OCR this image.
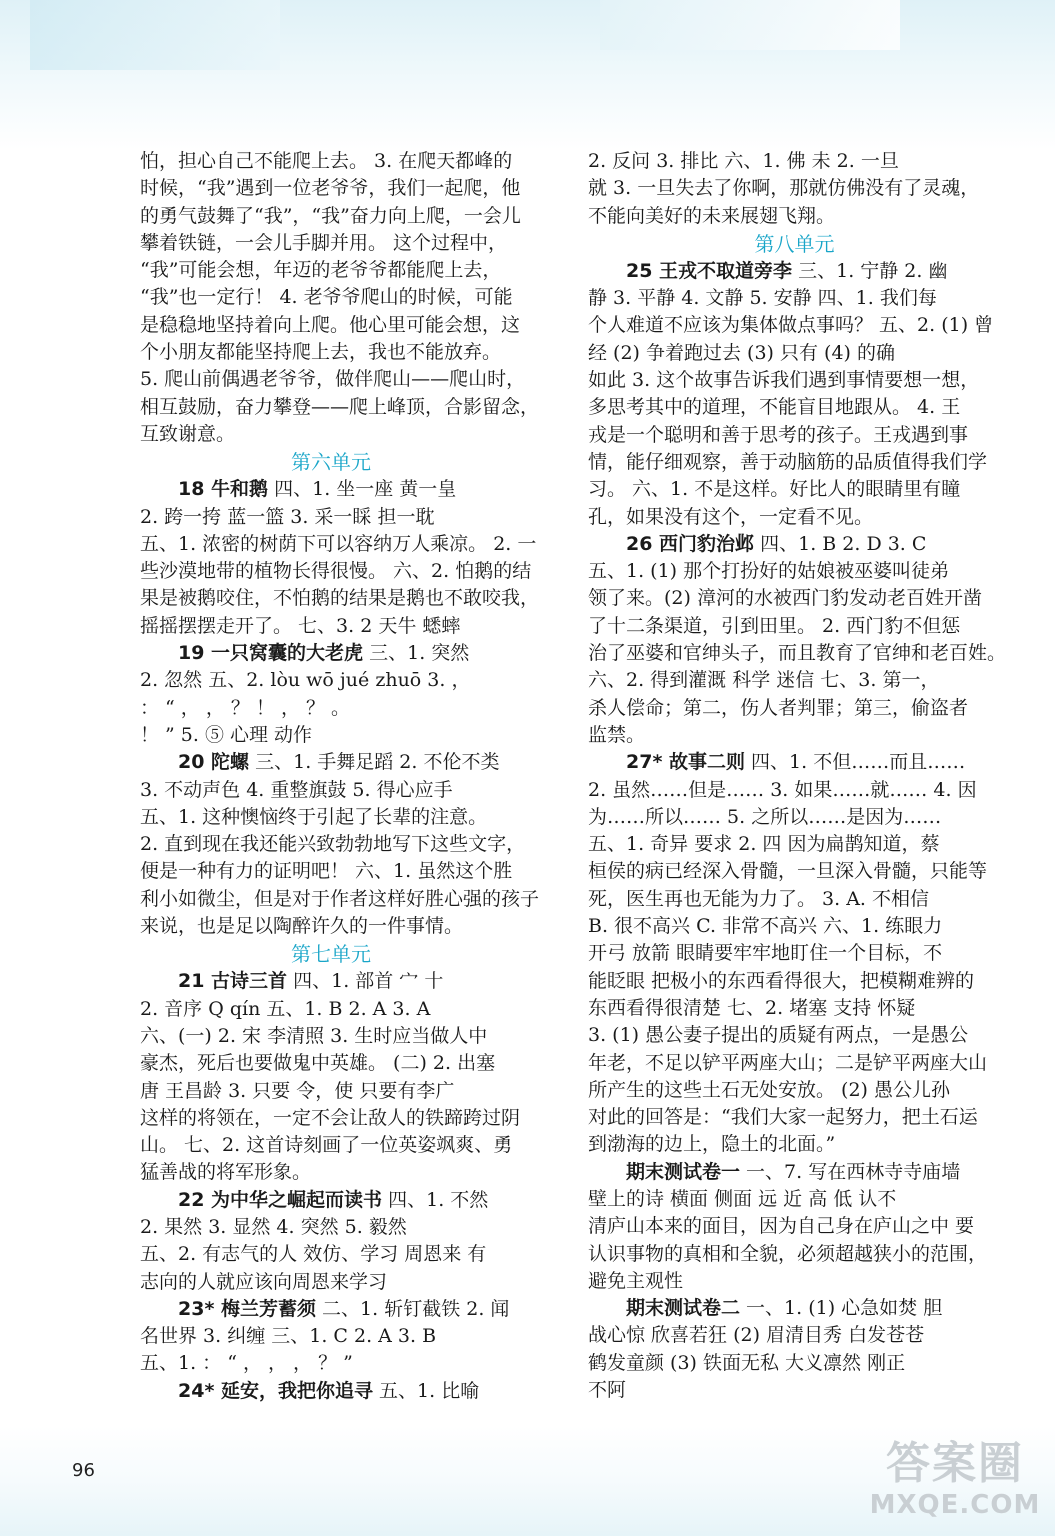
怕，担心自己不能爬上去。 3. 在爬天都峰的
时候，“我”遇到一位老爷爷，我们一起爬，他
的勇气鼓舞了“我”，“我”奋力向上爬，一会儿
攀着铁链，一会儿手脚并用。 这个过程中，
“我”可能会想，年迈的老爷爷都能爬上去，
“我”也一定行！ 4. 老爷爷爬山的时候，可能
是稳稳地坚持着向上爬。他心里可能会想，这
个小朋友都能坚持爬上去，我也不能放弃。
5. 爬山前偶遇老爷爷，做伴爬山——爬山时，
相互鼓励，奋力攀登——爬上峰顶，合影留念，
互致谢意。
第六单元
18 牛和鹅 四、1. 坐一座 黄一皇
2. 跨一挎 蓝一篮 3. 采一睬 担一耽
五、1. 浓密的树荫下可以容纳万人乘凉。 2. 一
些沙漠地带的植物长得很慢。 六、2. 怕鹅的结
果是被鹅咬住，不怕鹅的结果是鹅也不敢咬我，
摇摇摆摆走开了。 七、3. 2 天牛 蟋蟀
19 一只窝囊的大老虎 三、1. 突然
2. 忽然 五、2. lòu wō jué zhuō 3. ，
： “ ， ， ？ ！ ， ？ 。
！ ” 5. ⑤ 心理 动作
20 陀螺 三、1. 手舞足蹈 2. 不伦不类
3. 不动声色 4. 重整旗鼓 5. 得心应手
五、1. 这种懊恼终于引起了长辈的注意。
2. 直到现在我还能兴致勃勃地写下这些文字，
便是一种有力的证明吧！ 六、1. 虽然这个胜
利小如微尘，但是对于作者这样好胜心强的孩子
来说，也是足以陶醉许久的一件事情。
第七单元
21 古诗三首 四、1. 部首 宀 十
2. 音序 Q qín 五、1. B 2. A 3. A
六、(一) 2. 宋 李清照 3. 生时应当做人中
豪杰，死后也要做鬼中英雄。 (二) 2. 出塞
唐 王昌龄 3. 只要 令，使 只要有李广
这样的将领在，一定不会让敌人的铁蹄跨过阴
山。 七、2. 这首诗刻画了一位英姿飒爽、勇
猛善战的将军形象。
22 为中华之崛起而读书 四、1. 不然
2. 果然 3. 显然 4. 突然 5. 毅然
五、2. 有志气的人 效仿、学习 周恩来 有
志向的人就应该向周恩来学习
23* 梅兰芳蓄须 二、1. 斩钉截铁 2. 闻
名世界 3. 纠缠 三、1. C 2. A 3. B
五、1. ： “ ， ， ， ？ ”
24* 延安，我把你追寻 五、1. 比喻
2. 反问 3. 排比 六、1. 佛 未 2. 一旦
就 3. 一旦失去了你啊，那就仿佛没有了灵魂，
不能向美好的未来展翅飞翔。
第八单元
25 王戎不取道旁李 三、1. 宁静 2. 幽
静 3. 平静 4. 文静 5. 安静 四、1. 我们每
个人难道不应该为集体做点事吗？ 五、2. (1) 曾
经 (2) 争着跑过去 (3) 只有 (4) 的确
如此 3. 这个故事告诉我们遇到事情要想一想，
多思考其中的道理，不能盲目地跟从。 4. 王
戎是一个聪明和善于思考的孩子。王戎遇到事
情，能仔细观察，善于动脑筋的品质值得我们学
习。 六、1. 不是这样。好比人的眼睛里有瞳
孔，如果没有这个，一定看不见。
26 西门豹治邺 四、1. B 2. D 3. C
五、1. (1) 那个打扮好的姑娘被巫婆叫徒弟
领了来。(2) 漳河的水被西门豹发动老百姓开凿
了十二条渠道，引到田里。 2. 西门豹不但惩
治了巫婆和官绅头子，而且教育了官绅和老百姓。
六、2. 得到灌溉 科学 迷信 七、3. 第一，
杀人偿命；第二，伤人者判罪；第三，偷盗者
监禁。
27* 故事二则 四、1. 不但……而且……
2. 虽然……但是…… 3. 如果……就…… 4. 因
为……所以…… 5. 之所以……是因为……
五、1. 奇异 要求 2. 四 因为扁鹊知道，蔡
桓侯的病已经深入骨髓，一旦深入骨髓，只能等
死，医生再也无能为力了。 3. A. 不相信
B. 很不高兴 C. 非常不高兴 六、1. 练眼力
开弓 放箭 眼睛要牢牢地盯住一个目标，不
能眨眼 把极小的东西看得很大，把模糊难辨的
东西看得很清楚 七、2. 堵塞 支持 怀疑
3. (1) 愚公妻子提出的质疑有两点，一是愚公
年老，不足以铲平两座大山；二是铲平两座大山
所产生的这些土石无处安放。 (2) 愚公儿孙
对此的回答是：“我们大家一起努力，把土石运
到渤海的边上，隐土的北面。”
期末测试卷一 一、7. 写在西林寺寺庙墙
壁上的诗 横面 侧面 远 近 高 低 认不
清庐山本来的面目，因为自己身在庐山之中 要
认识事物的真相和全貌，必须超越狭小的范围，
避免主观性
期末测试卷二 一、1. (1) 心急如焚 胆
战心惊 欣喜若狂 (2) 眉清目秀 白发苍苍
鹤发童颜 (3) 铁面无私 大义凛然 刚正
不阿
96	答案圈
MXQE.COM
